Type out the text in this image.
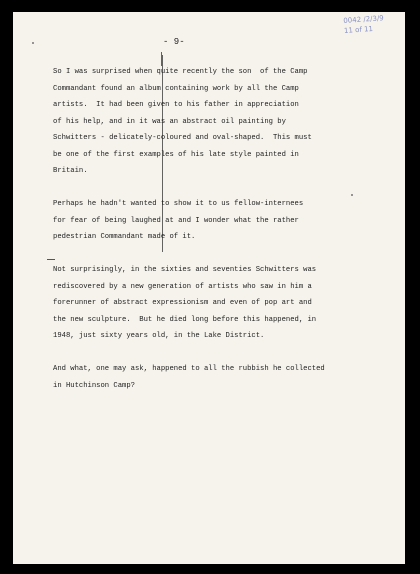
- 9-
0042 /2/3/9
11 of 11
So I was surprised when quite recently the son  of the Camp
Commandant found an album containing work by all the Camp
artists.  It had been given to his father in appreciation
of his help, and in it was an abstract oil painting by
Schwitters - delicately-coloured and oval-shaped.  This must
be one of the first examples of his late style painted in
Britain.
Perhaps he hadn't wanted to show it to us fellow-internees
for fear of being laughed at and I wonder what the rather
pedestrian Commandant made of it.
Not surprisingly, in the sixties and seventies Schwitters was
rediscovered by a new generation of artists who saw in him a
forerunner of abstract expressionism and even of pop art and
the new sculpture.  But he died long before this happened, in
1948, just sixty years old, in the Lake District.
And what, one may ask, happened to all the rubbish he collected
in Hutchinson Camp?
